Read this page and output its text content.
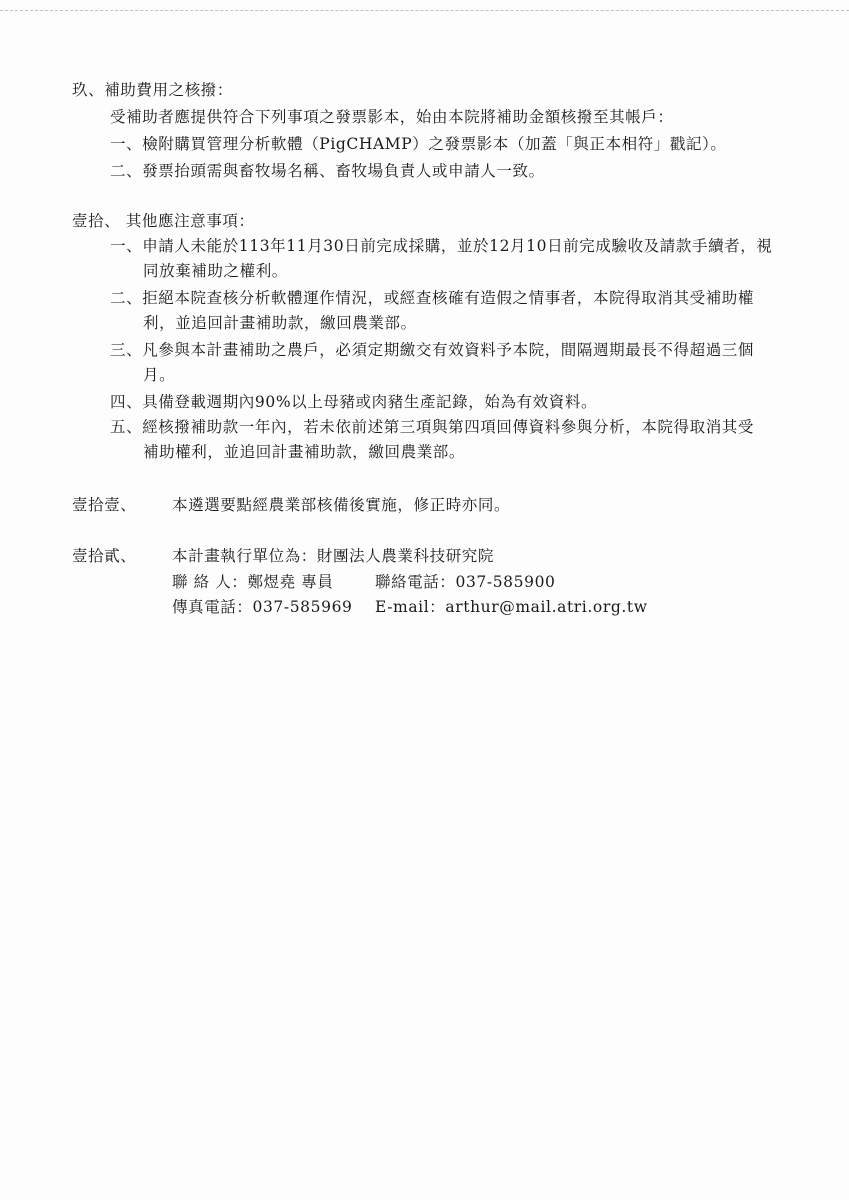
玖、補助費用之核撥：
受補助者應提供符合下列事項之發票影本，始由本院將補助金額核撥至其帳戶：
一、檢附購買管理分析軟體（PigCHAMP）之發票影本（加蓋「與正本相符」戳記）。
二、發票抬頭需與畜牧場名稱、畜牧場負責人或申請人一致。
壹拾、 其他應注意事項：
一、申請人未能於113年11月30日前完成採購，並於12月10日前完成驗收及請款手續者，視
同放棄補助之權利。
二、拒絕本院查核分析軟體運作情況，或經查核確有造假之情事者，本院得取消其受補助權
利，並追回計畫補助款，繳回農業部。
三、凡參與本計畫補助之農戶，必須定期繳交有效資料予本院，間隔週期最長不得超過三個
月。
四、具備登載週期內90%以上母豬或肉豬生產記錄，始為有效資料。
五、經核撥補助款一年內，若未依前述第三項與第四項回傳資料參與分析，本院得取消其受
補助權利，並追回計畫補助款，繳回農業部。
壹拾壹、 本遴選要點經農業部核備後實施，修正時亦同。
壹拾貳、 本計畫執行單位為：財團法人農業科技研究院
聯 絡 人：鄭煜堯 專員	聯絡電話：037-585900
傳真電話：037-585969 E-mail：arthur@mail.atri.org.tw
